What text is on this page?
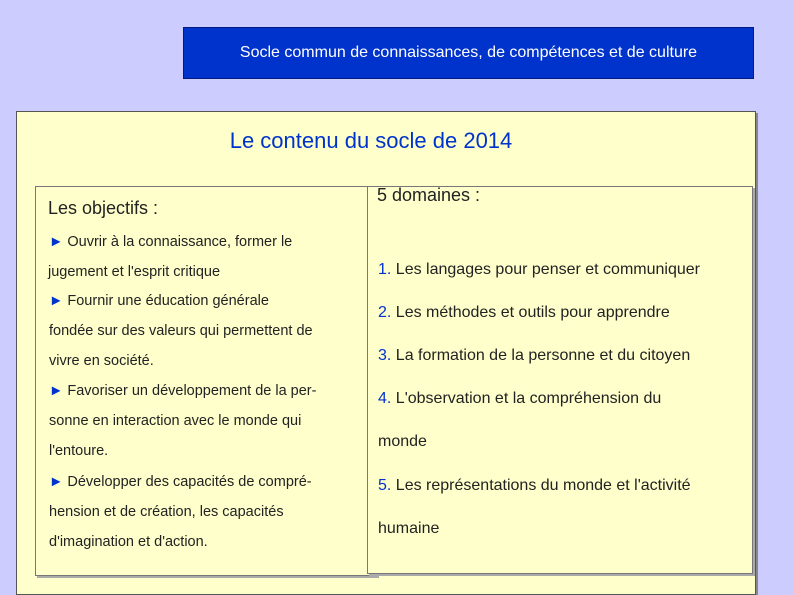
Socle commun de connaissances, de compétences et de culture
Le contenu du socle de 2014
Les objectifs :
5 domaines :
► Ouvrir à la connaissance, former le
jugement et l'esprit critique
► Fournir une éducation générale
fondée sur des valeurs qui permettent de
vivre en société.
► Favoriser un développement de la per-
sonne en interaction avec le monde qui
l'entoure.
► Développer des capacités de compré-
hension et de création, les capacités
d'imagination et d'action.
1. Les langages pour penser et communiquer
2. Les méthodes et outils pour apprendre
3. La formation de la personne et du citoyen
4. L'observation et la compréhension du
monde
5. Les représentations du monde et l'activité
humaine
